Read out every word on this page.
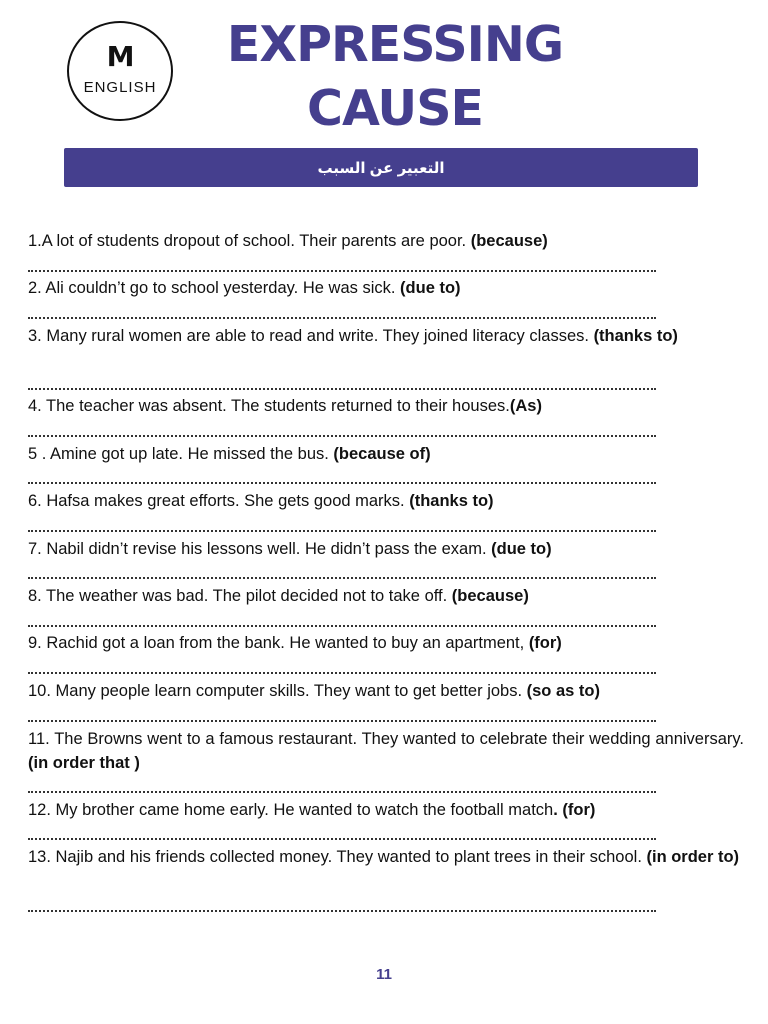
M
ENGLISH
EXPRESSING
CAUSE
التعبير عن السبب
1.A lot of students dropout of school. Their parents are poor. (because)
2. Ali couldn’t go to school yesterday. He was sick. (due to)
3. Many rural women are able to read and write. They joined literacy classes. (thanks to)
4. The teacher was absent. The students returned to their houses.(As)
5 . Amine got up late. He missed the bus. (because of)
6. Hafsa makes great efforts. She gets good marks. (thanks to)
7. Nabil didn’t revise his lessons well. He didn’t pass the exam. (due to)
8. The weather was bad. The pilot decided not to take off. (because)
9. Rachid got a loan from the bank. He wanted to buy an apartment, (for)
10. Many people learn computer skills. They want to get better jobs. (so as to)
11. The Browns went to a famous restaurant. They wanted to celebrate their wedding anniversary. (in order that )
12. My brother came home early. He wanted to watch the football match. (for)
13. Najib and his friends collected money. They wanted to plant trees in their school. (in order to)
11
